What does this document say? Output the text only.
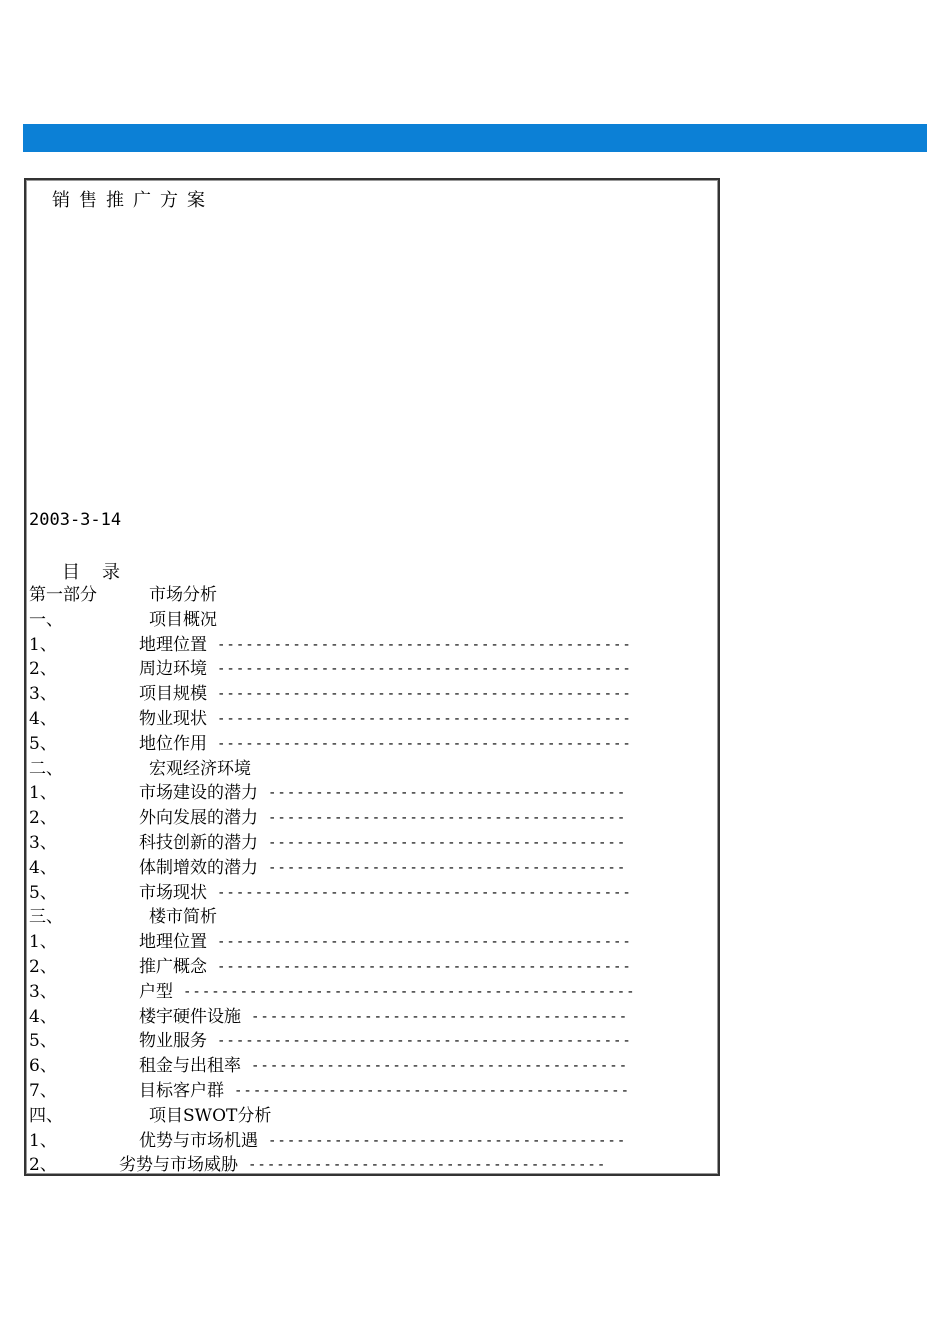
销售推广方案
2003-3-14
目录
第一部分	市场分析
一、	项目概况
1、	地理位置 --------------------------------------------
2、	周边环境 --------------------------------------------
3、	项目规模 --------------------------------------------
4、	物业现状 --------------------------------------------
5、	地位作用 --------------------------------------------
二、	宏观经济环境
1、	市场建设的潜力 --------------------------------------
2、	外向发展的潜力 --------------------------------------
3、	科技创新的潜力 --------------------------------------
4、	体制增效的潜力 --------------------------------------
5、	市场现状 --------------------------------------------
三、	楼市简析
1、	地理位置 --------------------------------------------
2、	推广概念 --------------------------------------------
3、	户型 ------------------------------------------------
4、	楼宇硬件设施 ----------------------------------------
5、	物业服务 --------------------------------------------
6、	租金与出租率 ----------------------------------------
7、	目标客户群 ------------------------------------------
四、	项目SWOT分析
1、	优势与市场机遇 --------------------------------------
2、	劣势与市场威胁 --------------------------------------
